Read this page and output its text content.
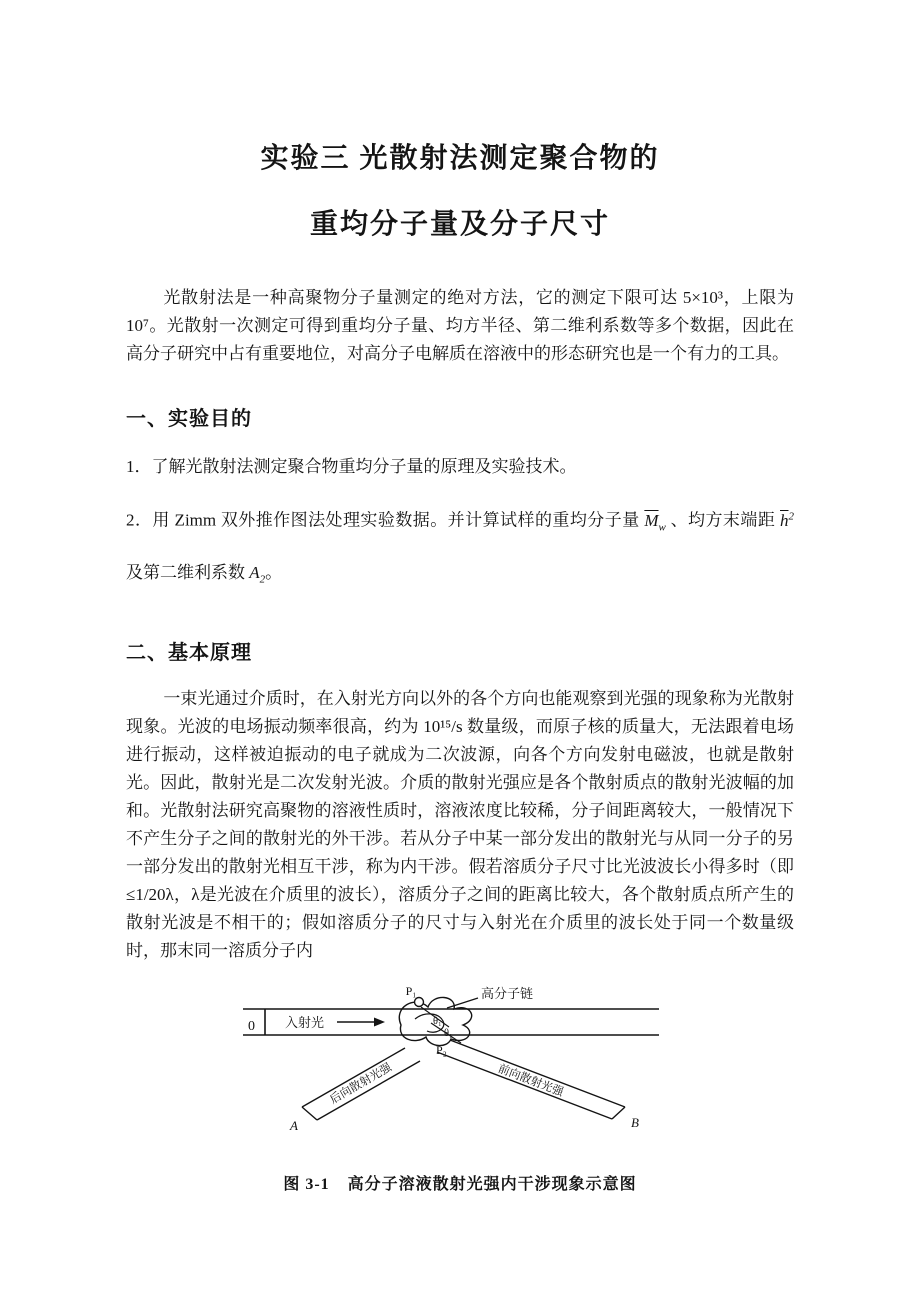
实验三 光散射法测定聚合物的
重均分子量及分子尺寸

光散射法是一种高聚物分子量测定的绝对方法，它的测定下限可达 5×10³，上限为 10⁷。光散射一次测定可得到重均分子量、均方半径、第二维利系数等多个数据，因此在高分子研究中占有重要地位，对高分子电解质在溶液中的形态研究也是一个有力的工具。

一、实验目的

1．了解光散射法测定聚合物重均分子量的原理及实验技术。

2．用 Zimm 双外推作图法处理实验数据。并计算试样的重均分子量 $\overline{M}_w$ 、均方末端距 $\overline{h}^2$ 及第二维利系数 $A_2$。

二、基本原理

一束光通过介质时，在入射光方向以外的各个方向也能观察到光强的现象称为光散射现象。光波的电场振动频率很高，约为 10¹⁵/s 数量级，而原子核的质量大，无法跟着电场进行振动，这样被迫振动的电子就成为二次波源，向各个方向发射电磁波，也就是散射光。因此，散射光是二次发射光波。介质的散射光强应是各个散射质点的散射光波幅的加和。光散射法研究高聚物的溶液性质时，溶液浓度比较稀，分子间距离较大，一般情况下不产生分子之间的散射光的外干涉。若从分子中某一部分发出的散射光与从同一分子的另一部分发出的散射光相互干涉，称为内干涉。假若溶质分子尺寸比光波波长小得多时（即≤1/20λ，λ是光波在介质里的波长），溶质分子之间的距离比较大，各个散射质点所产生的散射光波是不相干的；假如溶质分子的尺寸与入射光在介质里的波长处于同一个数量级时，那末同一溶质分子内

0 入射光
P₁	高分子链
θ₁
θ₁
P₂
后向散射光强
A
前向散射光强
B
图 3-1 高分子溶液散射光强内干涉现象示意图
